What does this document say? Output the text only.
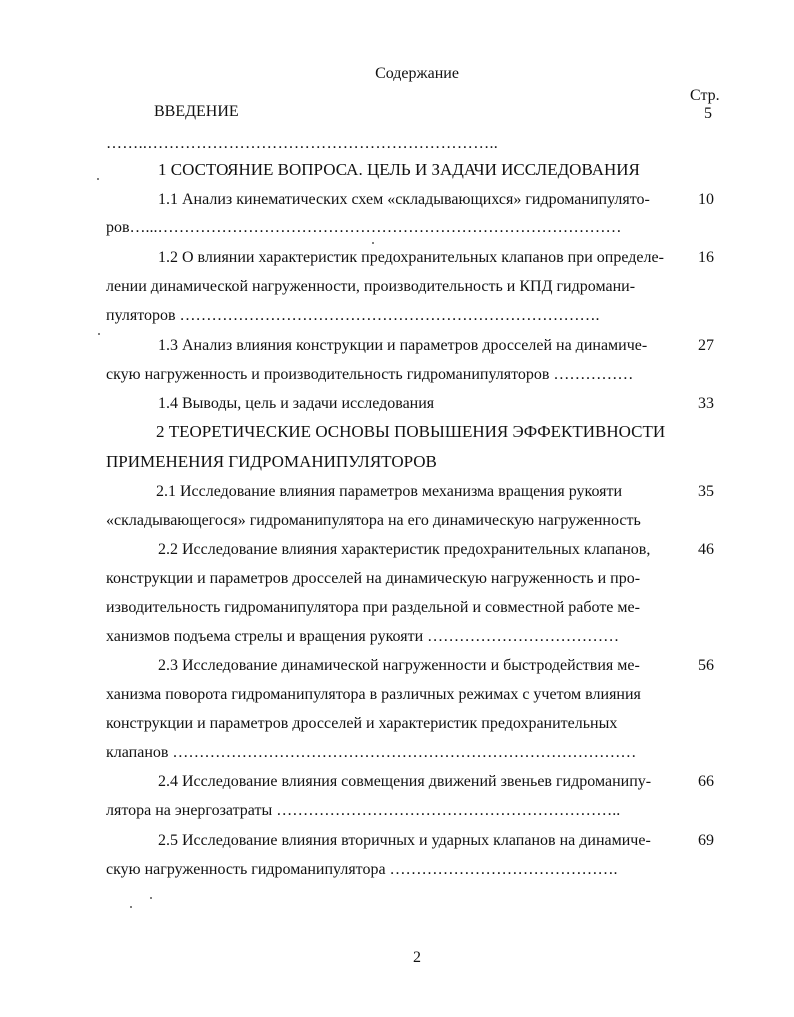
Содержание
Стр.
ВВЕДЕНИЕ
……..………………………………………………………..
5
1 СОСТОЯНИЕ ВОПРОСА. ЦЕЛЬ И ЗАДАЧИ ИССЛЕДОВАНИЯ
1.1 Анализ кинематических схем «складывающихся» гидроманипулято-
ров…...……………………………………………………………………………
10
1.2 О влиянии характеристик предохранительных клапанов при определе-
лении динамической нагруженности, производительность и КПД гидромани-
пуляторов …………………………………………………………………….
16
1.3 Анализ влияния конструкции и параметров дросселей на динамиче-
скую нагруженность и производительность гидроманипуляторов ……………
27
1.4 Выводы, цель и задачи исследования	33
2 ТЕОРЕТИЧЕСКИЕ ОСНОВЫ ПОВЫШЕНИЯ ЭФФЕКТИВНОСТИ
ПРИМЕНЕНИЯ ГИДРОМАНИПУЛЯТОРОВ
2.1 Исследование влияния параметров механизма вращения рукояти
«складывающегося» гидроманипулятора на его динамическую нагруженность
35
2.2 Исследование влияния характеристик предохранительных клапанов,
конструкции и параметров дросселей на динамическую нагруженность и про-
изводительность гидроманипулятора при раздельной и совместной работе ме-
ханизмов подъема стрелы и вращения рукояти ………………………………
46
2.3 Исследование динамической нагруженности и быстродействия ме-
ханизма поворота гидроманипулятора в различных режимах с учетом влияния
конструкции и параметров дросселей и характеристик предохранительных
клапанов ……………………………………………………………………………
56
2.4 Исследование влияния совмещения движений звеньев гидроманипу-
лятора на энергозатраты ………………………………………………………..
66
2.5 Исследование влияния вторичных и ударных клапанов на динамиче-
скую нагруженность гидроманипулятора …………………………………….
69
2
